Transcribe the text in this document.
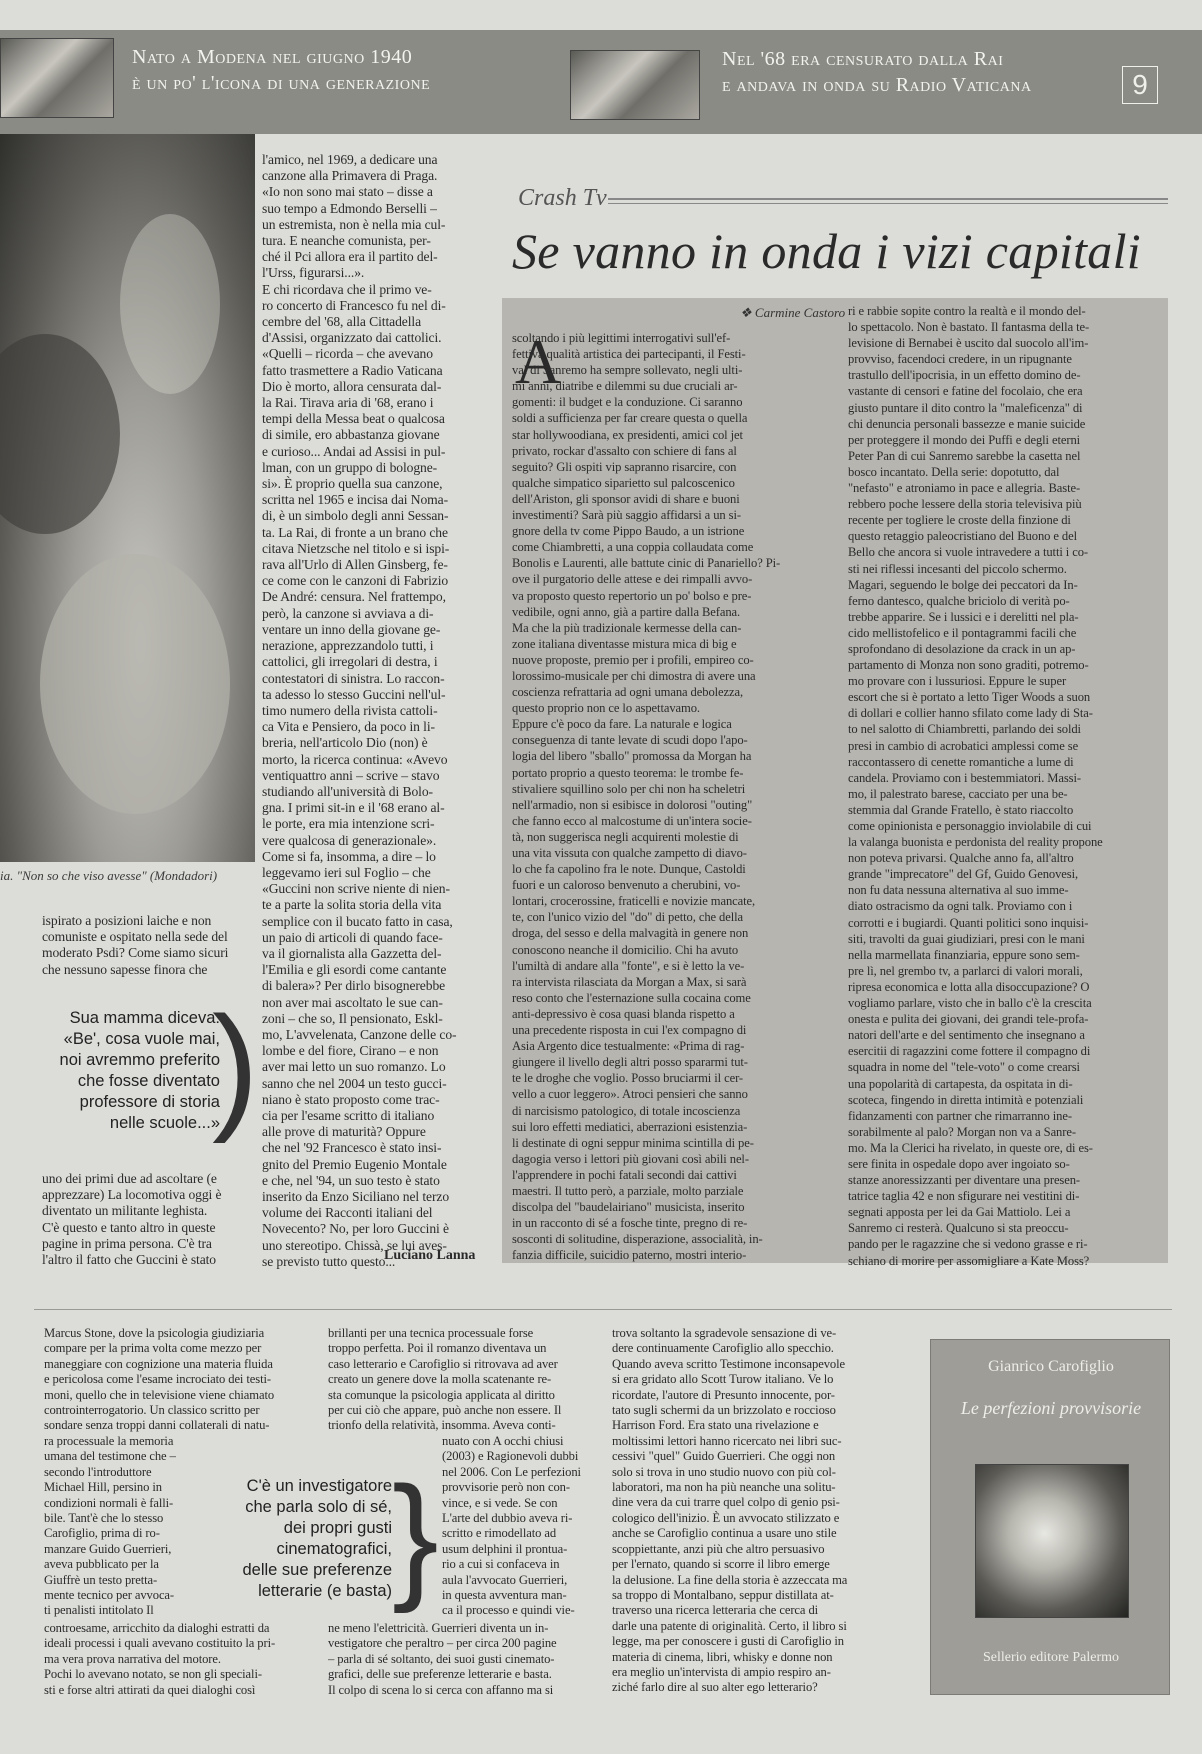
Nato a Modena nel giugno 1940
è un po' l'icona di una generazione
Nel '68 era censurato dalla Rai
e andava in onda su Radio Vaticana	9
ia. "Non so che viso avesse" (Mondadori)
l'amico, nel 1969, a dedicare una
canzone alla Primavera di Praga.
«Io non sono mai stato – disse a
suo tempo a Edmondo Berselli –
un estremista, non è nella mia cul-
tura. E neanche comunista, per-
ché il Pci allora era il partito del-
l'Urss, figurarsi...».
E chi ricordava che il primo ve-
ro concerto di Francesco fu nel di-
cembre del '68, alla Cittadella
d'Assisi, organizzato dai cattolici.
«Quelli – ricorda – che avevano
fatto trasmettere a Radio Vaticana
Dio è morto, allora censurata dal-
la Rai. Tirava aria di '68, erano i
tempi della Messa beat o qualcosa
di simile, ero abbastanza giovane
e curioso... Andai ad Assisi in pul-
lman, con un gruppo di bologne-
si». È proprio quella sua canzone,
scritta nel 1965 e incisa dai Noma-
di, è un simbolo degli anni Sessan-
ta. La Rai, di fronte a un brano che
citava Nietzsche nel titolo e si ispi-
rava all'Urlo di Allen Ginsberg, fe-
ce come con le canzoni di Fabrizio
De André: censura. Nel frattempo,
però, la canzone si avviava a di-
ventare un inno della giovane ge-
nerazione, apprezzandolo tutti, i
cattolici, gli irregolari di destra, i
contestatori di sinistra. Lo raccon-
ta adesso lo stesso Guccini nell'ul-
timo numero della rivista cattoli-
ca Vita e Pensiero, da poco in li-
breria, nell'articolo Dio (non) è
morto, la ricerca continua: «Avevo
ventiquattro anni – scrive – stavo
studiando all'università di Bolo-
gna. I primi sit-in e il '68 erano al-
le porte, era mia intenzione scri-
vere qualcosa di generazionale».
Come si fa, insomma, a dire – lo
leggevamo ieri sul Foglio – che
«Guccini non scrive niente di nien-
te a parte la solita storia della vita
semplice con il bucato fatto in casa,
un paio di articoli di quando face-
va il giornalista alla Gazzetta del-
l'Emilia e gli esordi come cantante
di balera»? Per dirlo bisognerebbe
non aver mai ascoltato le sue can-
zoni – che so, Il pensionato, Eskl-
mo, L'avvelenata, Canzone delle co-
lombe e del fiore, Cirano – e non
aver mai letto un suo romanzo. Lo
sanno che nel 2004 un testo gucci-
niano è stato proposto come trac-
cia per l'esame scritto di italiano
alle prove di maturità? Oppure
che nel '92 Francesco è stato insi-
gnito del Premio Eugenio Montale
e che, nel '94, un suo testo è stato
inserito da Enzo Siciliano nel terzo
volume dei Racconti italiani del
Novecento? No, per loro Guccini è
uno stereotipo. Chissà, se lui aves-
se previsto tutto questo...
ispirato a posizioni laiche e non
comuniste e ospitato nella sede del
moderato Psdi? Come siamo sicuri
che nessuno sapesse finora che
Sua mamma diceva:
«Be', cosa vuole mai,
noi avremmo preferito
che fosse diventato
professore di storia
nelle scuole...»
)
uno dei primi due ad ascoltare (e
apprezzare) La locomotiva oggi è
diventato un militante leghista.
C'è questo e tanto altro in queste
pagine in prima persona. C'è tra
l'altro il fatto che Guccini è stato	Luciano Lanna
Crash Tv
Se vanno in onda i vizi capitali
❖ Carmine Castoro
A
scoltando i più legittimi interrogativi sull'ef-
fettiva qualità artistica dei partecipanti, il Festi-
val di Sanremo ha sempre sollevato, negli ulti-
mi anni, diatribe e dilemmi su due cruciali ar-
gomenti: il budget e la conduzione. Ci saranno
soldi a sufficienza per far creare questa o quella
star hollywoodiana, ex presidenti, amici col jet
privato, rockar d'assalto con schiere di fans al
seguito? Gli ospiti vip sapranno risarcire, con
qualche simpatico siparietto sul palcoscenico
dell'Ariston, gli sponsor avidi di share e buoni
investimenti? Sarà più saggio affidarsi a un si-
gnore della tv come Pippo Baudo, a un istrione
come Chiambretti, a una coppia collaudata come
Bonolis e Laurenti, alle battute cinic di Panariello? Pi-
ove il purgatorio delle attese e dei rimpalli avvo-
va proposto questo repertorio un po' bolso e pre-
vedibile, ogni anno, già a partire dalla Befana.
Ma che la più tradizionale kermesse della can-
zone italiana diventasse mistura mica di big e
nuove proposte, premio per i profili, empireo co-
lorossimo-musicale per chi dimostra di avere una
coscienza refrattaria ad ogni umana debolezza,
questo proprio non ce lo aspettavamo.
Eppure c'è poco da fare. La naturale e logica
conseguenza di tante levate di scudi dopo l'apo-
logia del libero "sballo" promossa da Morgan ha
portato proprio a questo teorema: le trombe fe-
stivaliere squillino solo per chi non ha scheletri
nell'armadio, non si esibisce in dolorosi "outing"
che fanno ecco al malcostume di un'intera socie-
tà, non suggerisca negli acquirenti molestie di
una vita vissuta con qualche zampetto di diavo-
lo che fa capolino fra le note. Dunque, Castoldi
fuori e un caloroso benvenuto a cherubini, vo-
lontari, crocerossine, fraticelli e novizie mancate,
te, con l'unico vizio del "do" di petto, che della
droga, del sesso e della malvagità in genere non
conoscono neanche il domicilio. Chi ha avuto
l'umiltà di andare alla "fonte", e si è letto la ve-
ra intervista rilasciata da Morgan a Max, si sarà
reso conto che l'esternazione sulla cocaina come
anti-depressivo è cosa quasi blanda rispetto a
una precedente risposta in cui l'ex compagno di
Asia Argento dice testualmente: «Prima di rag-
giungere il livello degli altri posso spararmi tut-
te le droghe che voglio. Posso bruciarmi il cer-
vello a cuor leggero». Atroci pensieri che sanno
di narcisismo patologico, di totale incoscienza
sui loro effetti mediatici, aberrazioni esistenzia-
li destinate di ogni seppur minima scintilla di pe-
dagogia verso i lettori più giovani così abili nel-
l'apprendere in pochi fatali secondi dai cattivi
maestri. Il tutto però, a parziale, molto parziale
discolpa del "baudelairiano" musicista, inserito
in un racconto di sé a fosche tinte, pregno di re-
sosconti di solitudine, disperazione, associalità, in-
fanzia difficile, suicidio paterno, mostri interio-
ri e rabbie sopite contro la realtà e il mondo del-
lo spettacolo. Non è bastato. Il fantasma della te-
levisione di Bernabei è uscito dal suocolo all'im-
provviso, facendoci credere, in un ripugnante
trastullo dell'ipocrisia, in un effetto domino de-
vastante di censori e fatine del focolaio, che era
giusto puntare il dito contro la "maleficenza" di
chi denuncia personali bassezze e manie suicide
per proteggere il mondo dei Puffi e degli eterni
Peter Pan di cui Sanremo sarebbe la casetta nel
bosco incantato. Della serie: dopotutto, dal
"nefasto" e atroniamo in pace e allegria. Baste-
rebbero poche lessere della storia televisiva più
recente per togliere le croste della finzione di
questo retaggio paleocristiano del Buono e del
Bello che ancora si vuole intravedere a tutti i co-
sti nei riflessi incesanti del piccolo schermo.
Magari, seguendo le bolge dei peccatori da In-
ferno dantesco, qualche briciolo di verità po-
trebbe apparire. Se i lussici e i derelitti nel pla-
cido mellistofelico e il pontagrammi facili che
sprofondano di desolazione da crack in un ap-
partamento di Monza non sono graditi, potremo-
mo provare con i lussuriosi. Eppure le super
escort che si è portato a letto Tiger Woods a suon
di dollari e collier hanno sfilato come lady di Sta-
to nel salotto di Chiambretti, parlando dei soldi
presi in cambio di acrobatici amplessi come se
raccontassero di cenette romantiche a lume di
candela. Proviamo con i bestemmiatori. Massi-
mo, il palestrato barese, cacciato per una be-
stemmia dal Grande Fratello, è stato riaccolto
come opinionista e personaggio inviolabile di cui
la valanga buonista e perdonista del reality propone
non poteva privarsi. Qualche anno fa, all'altro
grande "imprecatore" del Gf, Guido Genovesi,
non fu data nessuna alternativa al suo imme-
diato ostracismo da ogni talk. Proviamo con i
corrotti e i bugiardi. Quanti politici sono inquisi-
siti, travolti da guai giudiziari, presi con le mani
nella marmellata finanziaria, eppure sono sem-
pre lì, nel grembo tv, a parlarci di valori morali,
ripresa economica e lotta alla disoccupazione? O
vogliamo parlare, visto che in ballo c'è la crescita
onesta e pulita dei giovani, dei grandi tele-profa-
natori dell'arte e del sentimento che insegnano a
esercitii di ragazzini come fottere il compagno di
squadra in nome del "tele-voto" o come crearsi
una popolarità di cartapesta, da ospitata in di-
scoteca, fingendo in diretta intimità e potenziali
fidanzamenti con partner che rimarranno ine-
sorabilmente al palo? Morgan non va a Sanre-
mo. Ma la Clerici ha rivelato, in queste ore, di es-
sere finita in ospedale dopo aver ingoiato so-
stanze anoressizzanti per diventare una presen-
tatrice taglia 42 e non sfigurare nei vestitini di-
segnati apposta per lei da Gai Mattiolo. Lei a
Sanremo ci resterà. Qualcuno si sta preoccu-
pando per le ragazzine che si vedono grasse e ri-
schiano di morire per assomigliare a Kate Moss?
Marcus Stone, dove la psicologia giudiziaria
compare per la prima volta come mezzo per
maneggiare con cognizione una materia fluida
e pericolosa come l'esame incrociato dei testi-
moni, quello che in televisione viene chiamato
controinterrogatorio. Un classico scritto per
sondare senza troppi danni collaterali di natu-
ra processuale la memoria
umana del testimone che –
secondo l'introduttore
Michael Hill, persino in
condizioni normali è falli-
bile. Tant'è che lo stesso
Carofiglio, prima di ro-
manzare Guido Guerrieri,
aveva pubblicato per la
Giuffrè un testo pretta-
mente tecnico per avvoca-
ti penalisti intitolato Il
controesame, arricchito da dialoghi estratti da
ideali processi i quali avevano costituito la pri-
ma vera prova narrativa del motore.
Pochi lo avevano notato, se non gli speciali-
sti e forse altri attirati da quei dialoghi così
brillanti per una tecnica processuale forse
troppo perfetta. Poi il romanzo diventava un
caso letterario e Carofiglio si ritrovava ad aver
creato un genere dove la molla scatenante re-
sta comunque la psicologia applicata al diritto
per cui ciò che appare, può anche non essere. Il
trionfo della relatività, insomma. Aveva conti-
nuato con A occhi chiusi
(2003) e Ragionevoli dubbi
nel 2006. Con Le perfezioni
provvisorie però non con-
vince, e si vede. Se con
L'arte del dubbio aveva ri-
scritto e rimodellato ad
usum delphini il prontua-
rio a cui si confaceva in
aula l'avvocato Guerrieri,
in questa avventura man-
ca il processo e quindi vie-
ne meno l'elettricità. Guerrieri diventa un in-
vestigatore che peraltro – per circa 200 pagine
– parla di sé soltanto, dei suoi gusti cinemato-
grafici, delle sue preferenze letterarie e basta.
Il colpo di scena lo si cerca con affanno ma si
C'è un investigatore
che parla solo di sé,
dei propri gusti
cinematografici,
delle sue preferenze
letterarie (e basta) }
trova soltanto la sgradevole sensazione di ve-
dere continuamente Carofiglio allo specchio.
Quando aveva scritto Testimone inconsapevole
si era gridato allo Scott Turow italiano. Ve lo
ricordate, l'autore di Presunto innocente, por-
tato sugli schermi da un brizzolato e roccioso
Harrison Ford. Era stato una rivelazione e
moltissimi lettori hanno ricercato nei libri suc-
cessivi "quel" Guido Guerrieri. Che oggi non
solo si trova in uno studio nuovo con più col-
laboratori, ma non ha più neanche una solitu-
dine vera da cui trarre quel colpo di genio psi-
cologico dell'inizio. È un avvocato stilizzato e
anche se Carofiglio continua a usare uno stile
scoppiettante, anzi più che altro persuasivo
per l'ernato, quando si scorre il libro emerge
la delusione. La fine della storia è azzeccata ma
sa troppo di Montalbano, seppur distillata at-
traverso una ricerca letteraria che cerca di
darle una patente di originalità. Certo, il libro si
legge, ma per conoscere i gusti di Carofiglio in
materia di cinema, libri, whisky e donne non
era meglio un'intervista di ampio respiro an-
ziché farlo dire al suo alter ego letterario?
Gianrico Carofiglio
Le perfezioni provvisorie
Sellerio editore Palermo
